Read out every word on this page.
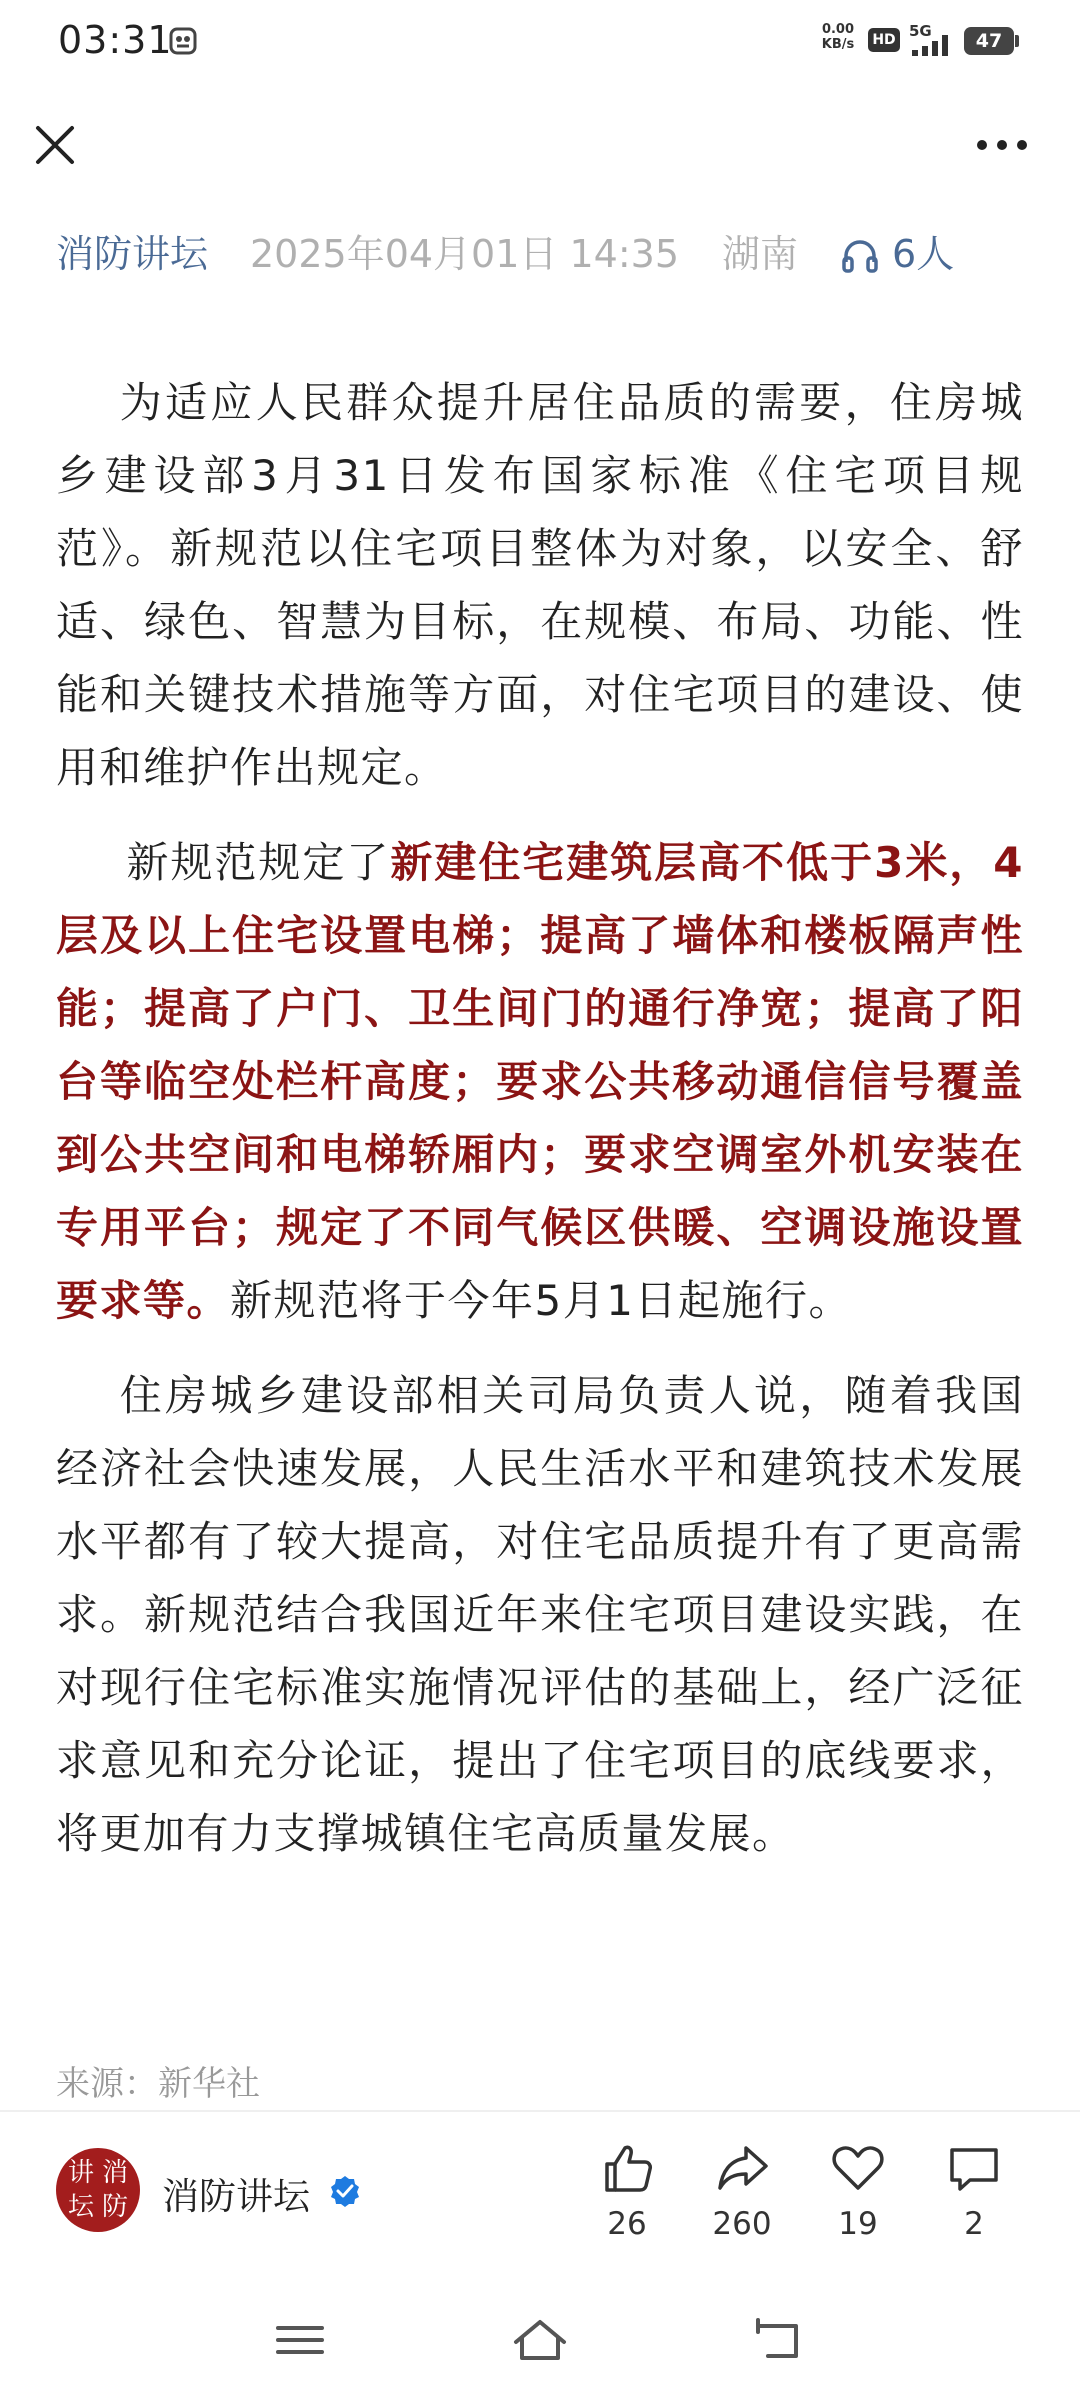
03:31	0.00
KB/s	HD 5G	47
消防讲坛 2025年04月01日 14:35 湖南 6人

为适应人民群众提升居住品质的需要，住房城乡建设部3月31日发布国家标准《住宅项目规范》。新规范以住宅项目整体为对象，以安全、舒适、绿色、智慧为目标，在规模、布局、功能、性能和关键技术措施等方面，对住宅项目的建设、使用和维护作出规定。

新规范规定了新建住宅建筑层高不低于3米，4层及以上住宅设置电梯；提高了墙体和楼板隔声性能；提高了户门、卫生间门的通行净宽；提高了阳台等临空处栏杆高度；要求公共移动通信信号覆盖到公共空间和电梯轿厢内；要求空调室外机安装在专用平台；规定了不同气候区供暖、空调设施设置要求等。新规范将于今年5月1日起施行。

住房城乡建设部相关司局负责人说，随着我国经济社会快速发展，人民生活水平和建筑技术发展水平都有了较大提高，对住宅品质提升有了更高需求。新规范结合我国近年来住宅项目建设实践，在对现行住宅标准实施情况评估的基础上，经广泛征求意见和充分论证，提出了住宅项目的底线要求，将更加有力支撑城镇住宅高质量发展。

来源：新华社
讲 消
坛 防 消防讲坛
26	260	19	2
